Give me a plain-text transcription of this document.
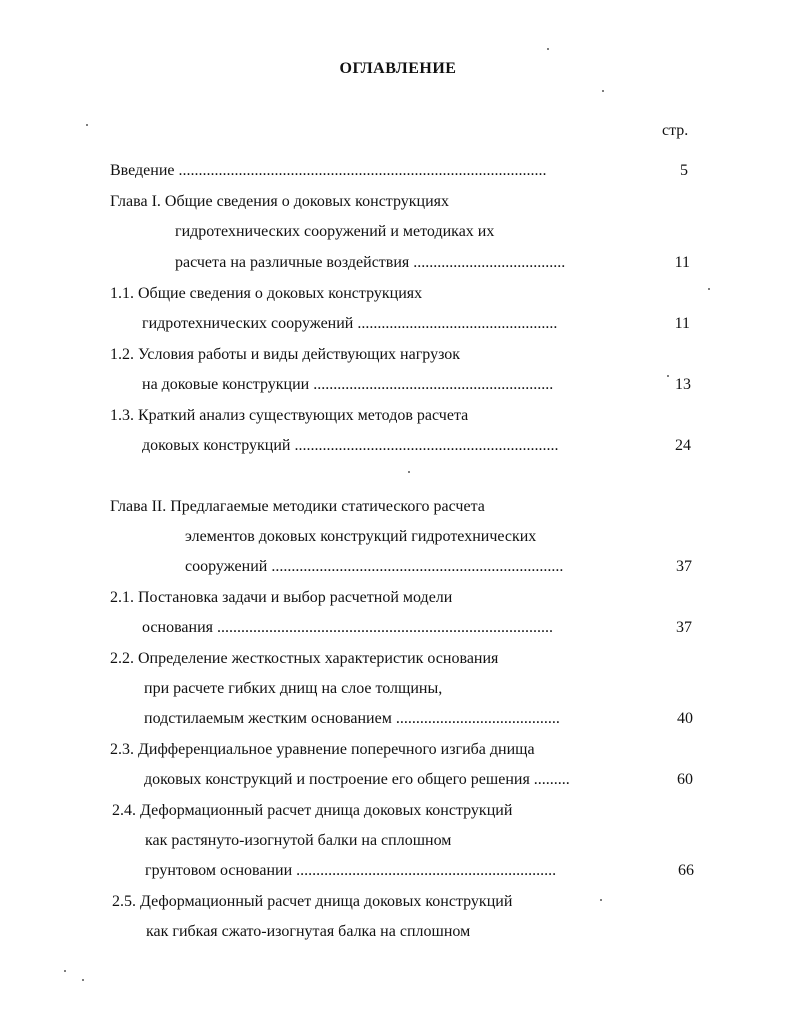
ОГЛАВЛЕНИЕ
стр.
Введение ............................................................................................	5
Глава I. Общие сведения о доковых конструкциях
гидротехнических сооружений и методиках их
расчета на различные воздействия ......................................	11
1.1. Общие сведения о доковых конструкциях
гидротехнических сооружений ..................................................	11
1.2. Условия работы и виды действующих нагрузок
на доковые конструкции ............................................................	13
1.3. Краткий анализ существующих методов расчета
доковых конструкций ..................................................................	24
Глава II. Предлагаемые методики статического расчета
элементов доковых конструкций гидротехнических
сооружений .........................................................................	37
2.1. Постановка задачи и выбор расчетной модели
основания ....................................................................................	37
2.2. Определение жесткостных характеристик основания
при расчете гибких днищ на слое толщины,
подстилаемым жестким основанием .........................................	40
2.3. Дифференциальное уравнение поперечного изгиба днища
доковых конструкций и построение его общего решения .........	60
2.4. Деформационный расчет днища доковых конструкций
как растянуто-изогнутой балки на сплошном
грунтовом основании .................................................................	66
2.5. Деформационный расчет днища доковых конструкций
как гибкая сжато-изогнутая балка на сплошном
